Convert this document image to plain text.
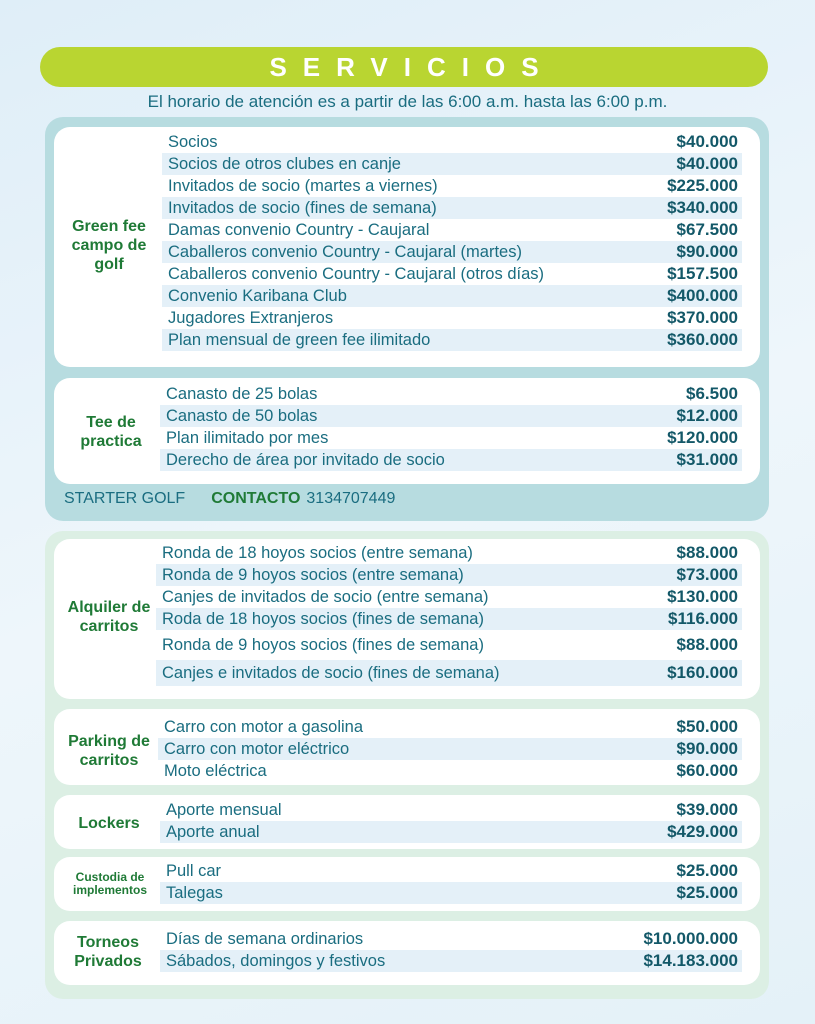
SERVICIOS
El horario de atención es a partir de las 6:00 a.m. hasta las 6:00 p.m.
Green fee campo de golf
Socios	$40.000
Socios de otros clubes en canje	$40.000
Invitados de socio (martes a viernes)	$225.000
Invitados de socio (fines de semana)	$340.000
Damas convenio Country - Caujaral	$67.500
Caballeros convenio Country - Caujaral (martes)	$90.000
Caballeros convenio Country - Caujaral (otros días)	$157.500
Convenio Karibana Club	$400.000
Jugadores Extranjeros	$370.000
Plan mensual de green fee ilimitado	$360.000
Tee de practica
Canasto de 25 bolas	$6.500
Canasto de 50 bolas	$12.000
Plan ilimitado por mes	$120.000
Derecho de área por invitado de socio	$31.000
STARTER GOLF CONTACTO 3134707449
Alquiler de carritos
Ronda de 18 hoyos socios (entre semana)	$88.000
Ronda de 9 hoyos socios (entre semana)	$73.000
Canjes de invitados de socio (entre semana)	$130.000
Roda de 18 hoyos socios (fines de semana)	$116.000
Ronda de 9 hoyos socios (fines de semana)	$88.000
Canjes e invitados de socio (fines de semana)	$160.000
Parking de carritos
Carro con motor a gasolina	$50.000
Carro con motor eléctrico	$90.000
Moto eléctrica	$60.000
Lockers
Aporte mensual	$39.000
Aporte anual	$429.000
Custodia de implementos
Pull car	$25.000
Talegas	$25.000
Torneos Privados
Días de semana ordinarios	$10.000.000
Sábados, domingos y festivos	$14.183.000
